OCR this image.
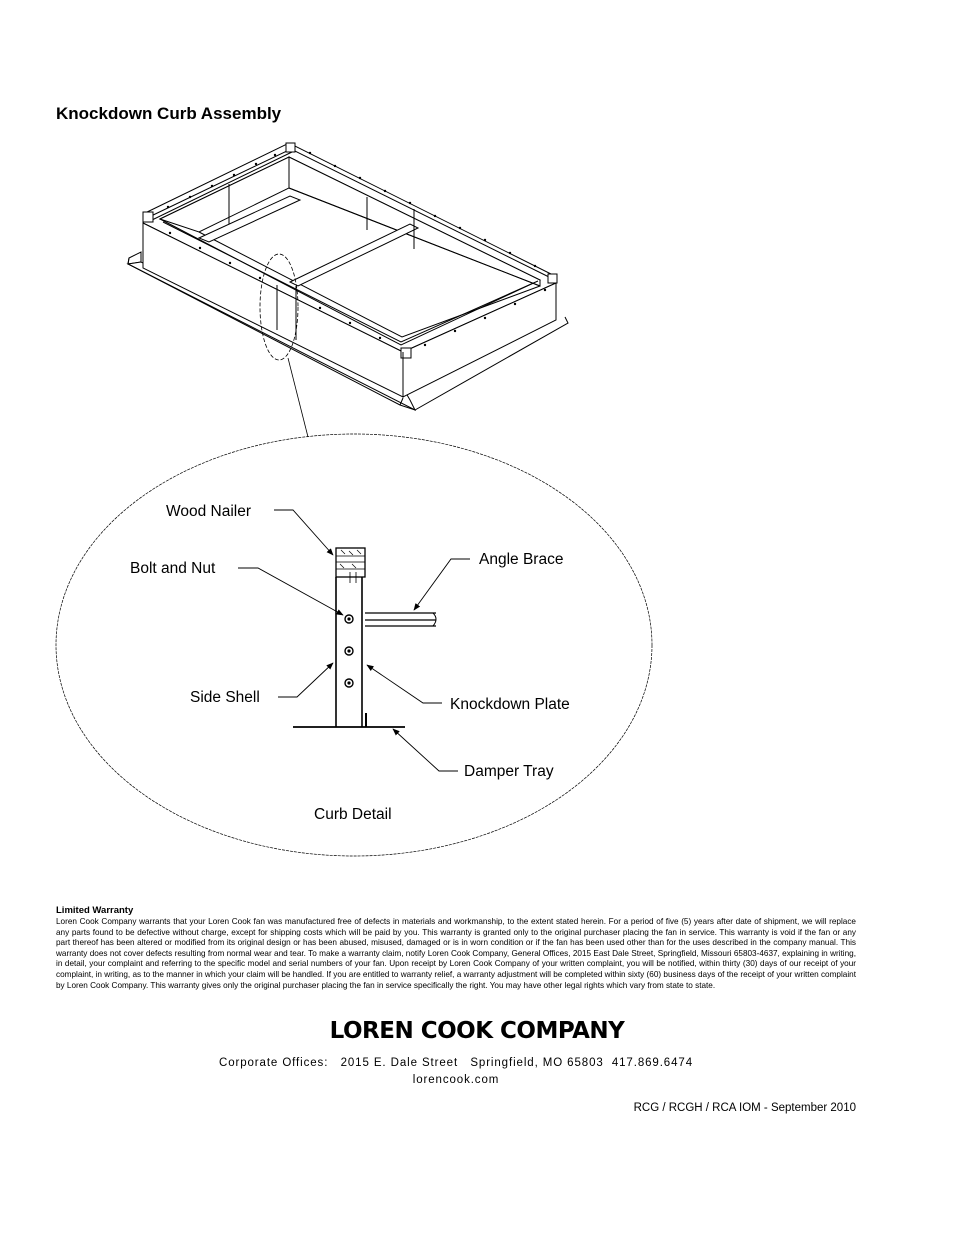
Knockdown Curb Assembly
Wood Nailer
Bolt and Nut
Angle Brace
Side Shell	Knockdown Plate
Damper Tray
Curb Detail
Limited Warranty

Loren Cook Company warrants that your Loren Cook fan was manufactured free of defects in materials and workmanship, to the extent stated herein. For a period of five (5) years after date of shipment, we will replace any parts found to be defective without charge, except for shipping costs which will be paid by you. This warranty is granted only to the original purchaser placing the fan in service. This warranty is void if the fan or any part thereof has been altered or modified from its original design or has been abused, misused, damaged or is in worn condition or if the fan has been used other than for the uses described in the company manual. This warranty does not cover defects resulting from normal wear and tear. To make a warranty claim, notify Loren Cook Company, General Offices, 2015 East Dale Street, Springfield, Missouri 65803-4637, explaining in writing, in detail, your complaint and referring to the specific model and serial numbers of your fan. Upon receipt by Loren Cook Company of your written complaint, you will be notified, within thirty (30) days of our receipt of your complaint, in writing, as to the manner in which your claim will be handled. If you are entitled to warranty relief, a warranty adjustment will be completed within sixty (60) business days of the receipt of your written complaint by Loren Cook Company. This warranty gives only the original purchaser placing the fan in service specifically the right. You may have other legal rights which vary from state to state.

LOREN COOK COMPANY
Corporate Offices:   2015 E. Dale Street   Springfield, MO 65803  417.869.6474
lorencook.com
RCG / RCGH / RCA IOM - September 2010
